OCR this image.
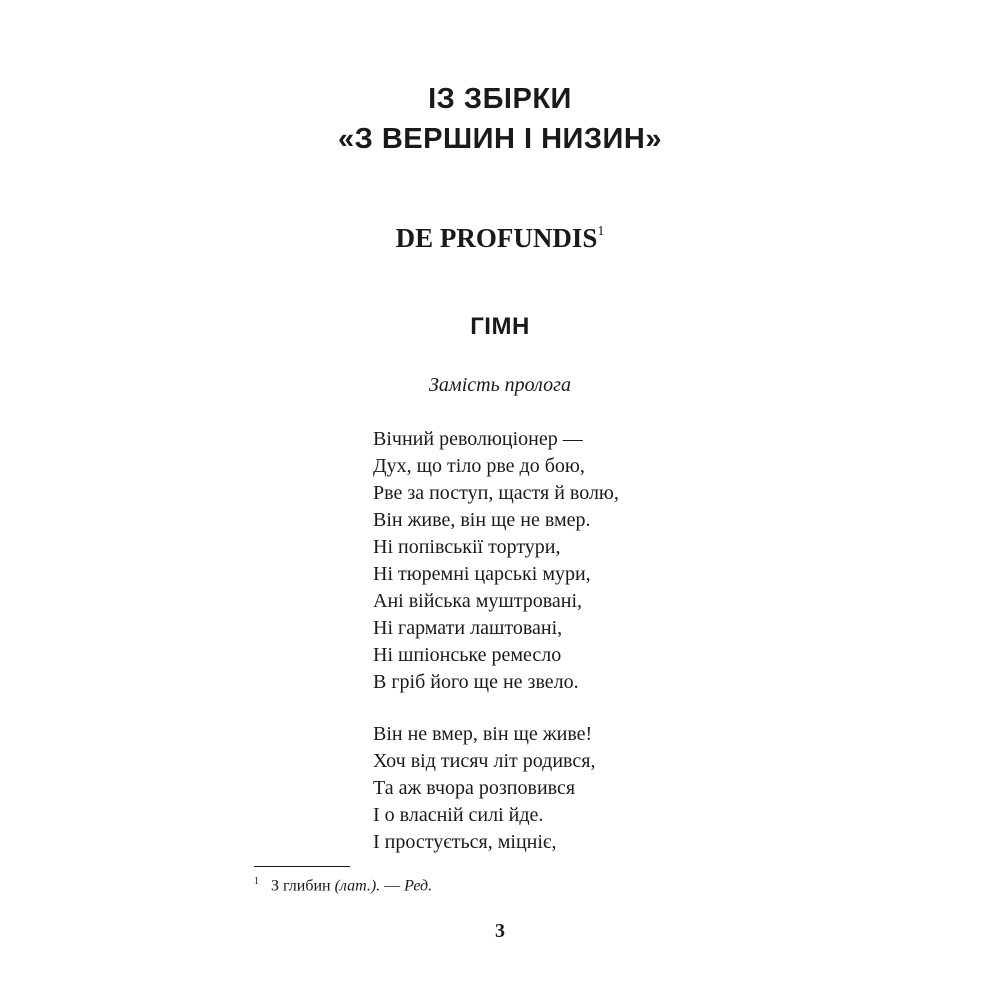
ІЗ ЗБІРКИ
«З ВЕРШИН І НИЗИН»
DE PROFUNDIS$^1$
ГІМН

Замість пролога

Вічний революціонер —
Дух, що тіло рве до бою,
Рве за поступ, щастя й волю,
Він живе, він ще не вмер.
Ні попівськії тортури,
Ні тюремні царські мури,
Ані війська муштровані,
Ні гармати лаштовані,
Ні шпіонське ремесло
В гріб його ще не звело.
Він не вмер, він ще живе!
Хоч від тисяч літ родився,
Та аж вчора розповився
І о власній силі йде.
І простується, міцніє,
$^1$ З глибин (лат.). — Ред.
3
